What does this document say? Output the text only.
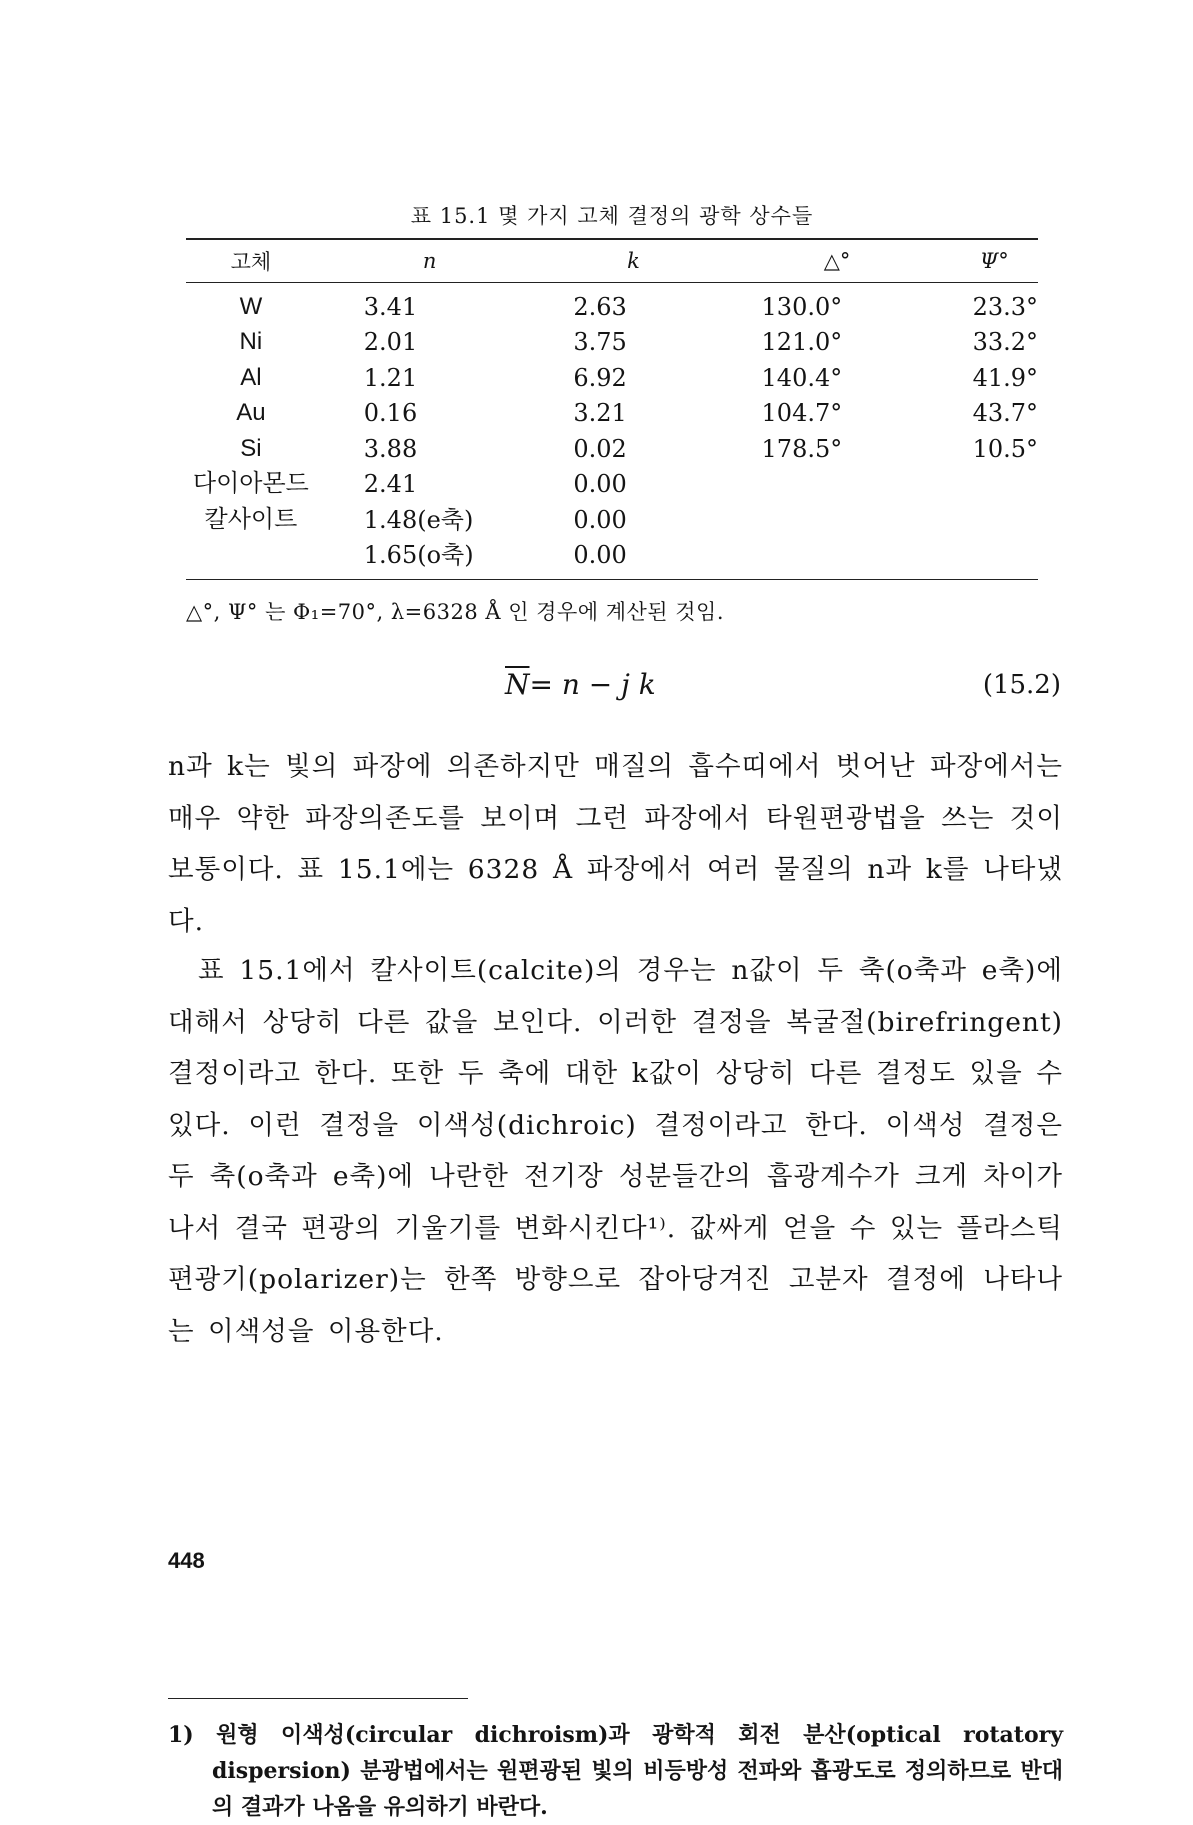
표 15.1 몇 가지 고체 결정의 광학 상수들
고체	n	k	△°	Ψ°
W	3.41	2.63	130.0°	23.3°
Ni	2.01	3.75	121.0°	33.2°
Al	1.21	6.92	140.4°	41.9°
Au	0.16	3.21	104.7°	43.7°
Si	3.88	0.02	178.5°	10.5°
다이아몬드	2.41	0.00		
칼사이트	1.48(e축)	0.00		
	1.65(o축)	0.00		
△°, Ψ° 는 Φ₁=70°, λ=6328 Å 인 경우에 계산된 것임.
$\overline{N}= n - j$ k	(15.2)
n과 k는 빛의 파장에 의존하지만 매질의 흡수띠에서 벗어난 파장에서는 매우 약한 파장의존도를 보이며 그런 파장에서 타원편광법을 쓰는 것이 보통이다. 표 15.1에는 6328 Å 파장에서 여러 물질의 n과 k를 나타냈다.
표 15.1에서 칼사이트(calcite)의 경우는 n값이 두 축(o축과 e축)에 대해서 상당히 다른 값을 보인다. 이러한 결정을 복굴절(birefringent) 결정이라고 한다. 또한 두 축에 대한 k값이 상당히 다른 결정도 있을 수 있다. 이런 결정을 이색성(dichroic) 결정이라고 한다. 이색성 결정은 두 축(o축과 e축)에 나란한 전기장 성분들간의 흡광계수가 크게 차이가 나서 결국 편광의 기울기를 변화시킨다¹⁾. 값싸게 얻을 수 있는 플라스틱 편광기(polarizer)는 한쪽 방향으로 잡아당겨진 고분자 결정에 나타나는 이색성을 이용한다.
1) 원형 이색성(circular dichroism)과 광학적 회전 분산(optical rotatory dispersion) 분광법에서는 원편광된 빛의 비등방성 전파와 흡광도로 정의하므로 반대의 결과가 나옴을 유의하기 바란다.
448
